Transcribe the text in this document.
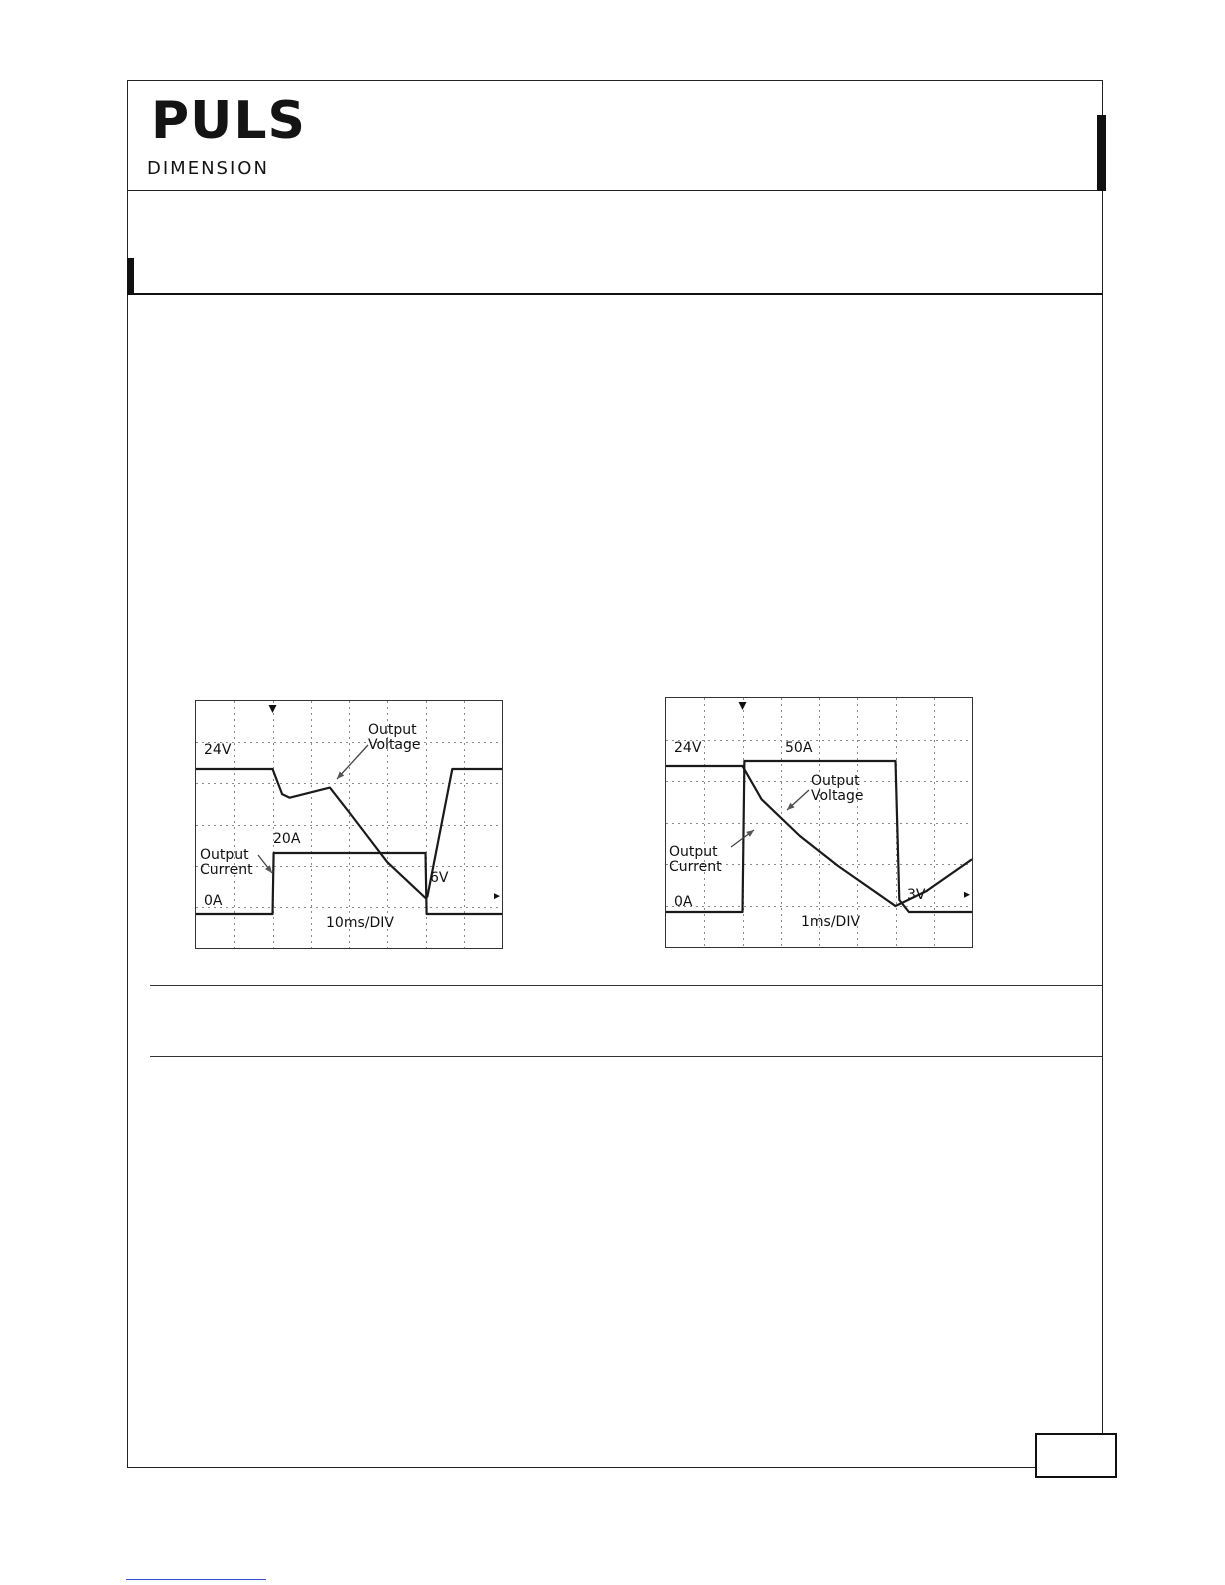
PULS
DIMENSION
24V
20A
0A
6V
10ms/DIV
Output
Voltage
Output
Current
24V	50A
0A	3V
1ms/DIV
Output
Voltage
Output
Current
